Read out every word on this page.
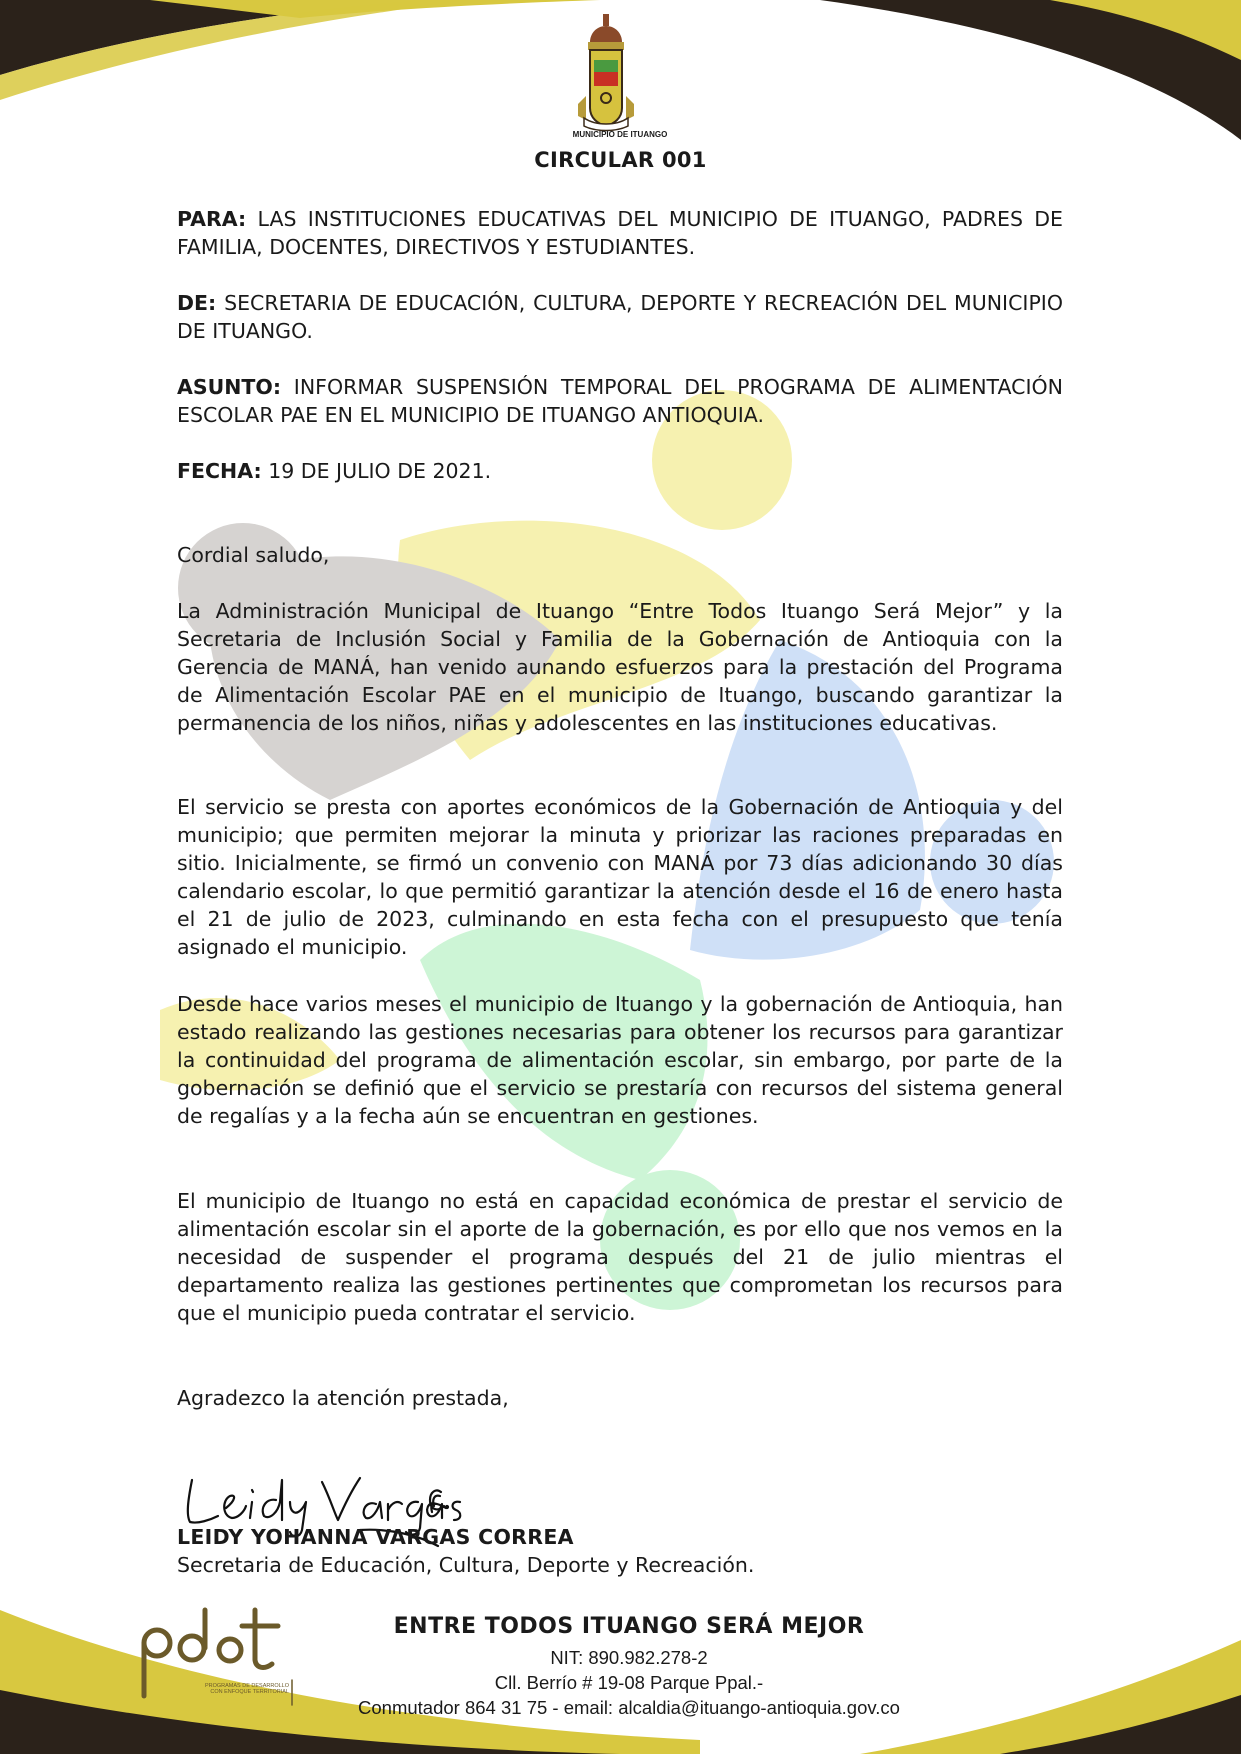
MUNICIPIO DE ITUANGO
CIRCULAR 001
PARA: LAS INSTITUCIONES EDUCATIVAS DEL MUNICIPIO DE ITUANGO, PADRES DE FAMILIA, DOCENTES, DIRECTIVOS Y ESTUDIANTES.
DE: SECRETARIA DE EDUCACIÓN, CULTURA, DEPORTE Y RECREACIÓN DEL MUNICIPIO DE ITUANGO.
ASUNTO: INFORMAR SUSPENSIÓN TEMPORAL DEL PROGRAMA DE ALIMENTACIÓN ESCOLAR PAE EN EL MUNICIPIO DE ITUANGO ANTIOQUIA.
FECHA: 19 DE JULIO DE 2021.
Cordial saludo,
La Administración Municipal de Ituango “Entre Todos Ituango Será Mejor” y la Secretaria de Inclusión Social y Familia de la Gobernación de Antioquia con la Gerencia de MANÁ, han venido aunando esfuerzos para la prestación del Programa de Alimentación Escolar PAE en el municipio de Ituango, buscando garantizar la permanencia de los niños, niñas y adolescentes en las instituciones educativas.
El servicio se presta con aportes económicos de la Gobernación de Antioquia y del municipio; que permiten mejorar la minuta y priorizar las raciones preparadas en sitio. Inicialmente, se firmó un convenio con MANÁ por 73 días adicionando 30 días calendario escolar, lo que permitió garantizar la atención desde el 16 de enero hasta el 21 de julio de 2023, culminando en esta fecha con el presupuesto que tenía asignado el municipio.
Desde hace varios meses el municipio de Ituango y la gobernación de Antioquia, han estado realizando las gestiones necesarias para obtener los recursos para garantizar la continuidad del programa de alimentación escolar, sin embargo, por parte de la gobernación se definió que el servicio se prestaría con recursos del sistema general de regalías y a la fecha aún se encuentran en gestiones.
El municipio de Ituango no está en capacidad económica de prestar el servicio de alimentación escolar sin el aporte de la gobernación, es por ello que nos vemos en la necesidad de suspender el programa después del 21 de julio mientras el departamento realiza las gestiones pertinentes que comprometan los recursos para que el municipio pueda contratar el servicio.
Agradezco la atención prestada,
LEIDY YOHANNA VARGAS CORREA
Secretaria de Educación, Cultura, Deporte y Recreación.
PROGRAMAS DE DESARROLLO CON ENFOQUE TERRITORIAL
ENTRE TODOS ITUANGO SERÁ MEJOR
NIT: 890.982.278-2
Cll. Berrío # 19-08 Parque Ppal.-
Conmutador 864 31 75 - email: alcaldia@ituango-antioquia.gov.co
